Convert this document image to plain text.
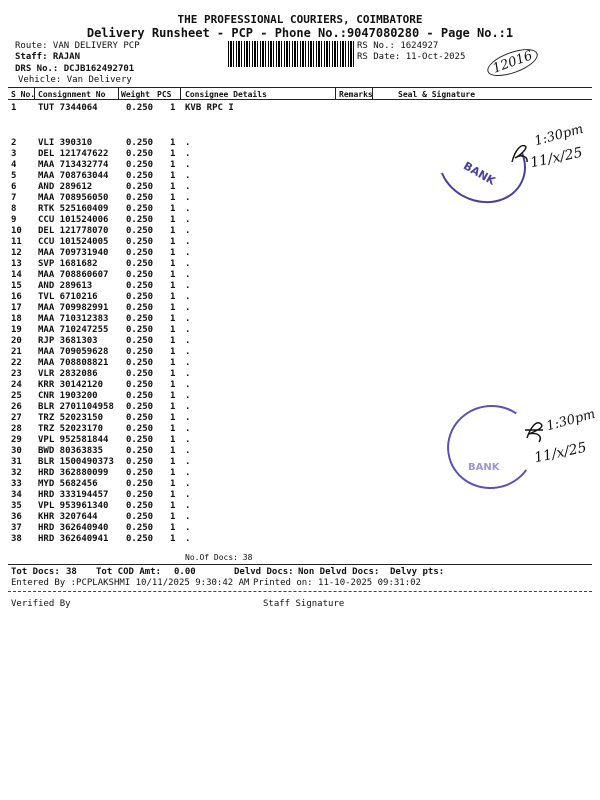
THE PROFESSIONAL COURIERS, COIMBATORE
Delivery Runsheet - PCP - Phone No.:9047080280 - Page No.:1
Route: VAN DELIVERY PCP
Staff: RAJAN
DRS No.: DCJB162492701
Vehicle: Van Delivery
RS No.: 1624927
RS Date: 11-Oct-2025	12016
S No. Consignment No Weight PCS Consignee Details	Remarks	Seal & Signature
1 TUT 7344064	0.250 1 KVB RPC I
2 VLI 390310	0.250 1 .
3 DEL 121747622 0.250 1 .
4 MAA 713432774 0.250 1 .
5 MAA 708763044 0.250 1 .
6 AND 289612	0.250 1 .
7 MAA 708956050 0.250 1 .
8 RTK 525160409 0.250 1 .
9 CCU 101524006 0.250 1 .
10 DEL 121778070 0.250 1 .
11 CCU 101524005 0.250 1 .
12 MAA 709731940 0.250 1 .
13 SVP 1681682	0.250 1 .
14 MAA 708860607 0.250 1 .
15 AND 289613	0.250 1 .
16 TVL 6710216	0.250 1 .
17 MAA 709982991 0.250 1 .
18 MAA 710312383 0.250 1 .
19 MAA 710247255 0.250 1 .
20 RJP 3681303	0.250 1 .
21 MAA 709059628 0.250 1 .
22 MAA 708808821 0.250 1 .
23 VLR 2832086	0.250 1 .
24 KRR 30142120	0.250 1 .
25 CNR 1903200	0.250 1 .
26 BLR 2701104958 0.250 1 .
27 TRZ 52023150	0.250 1 .
28 TRZ 52023170	0.250 1 .
29 VPL 952581844 0.250 1 .
30 BWD 80363835	0.250 1 .
31 BLR 1500490373 0.250 1 .
32 HRD 362880099 0.250 1 .
33 MYD 5682456	0.250 1 .
34 HRD 333194457 0.250 1 .
35 VPL 953961340 0.250 1 .
36 KHR 3207644	0.250 1 .
37 HRD 362640940 0.250 1 .
38 HRD 362640941 0.250 1 .
No.Of Docs: 38
Tot Docs: 38 Tot COD Amt: 0.00	Delvd Docs: Non Delvd Docs: Delvy pts:
Entered By :PCPLAKSHMI 10/11/2025 9:30:42 AM Printed on: 11-10-2025 09:31:02
Verified By	Staff Signature
BANK
1:30pm
11/x/25
BANK
1:30pm
11/x/25
